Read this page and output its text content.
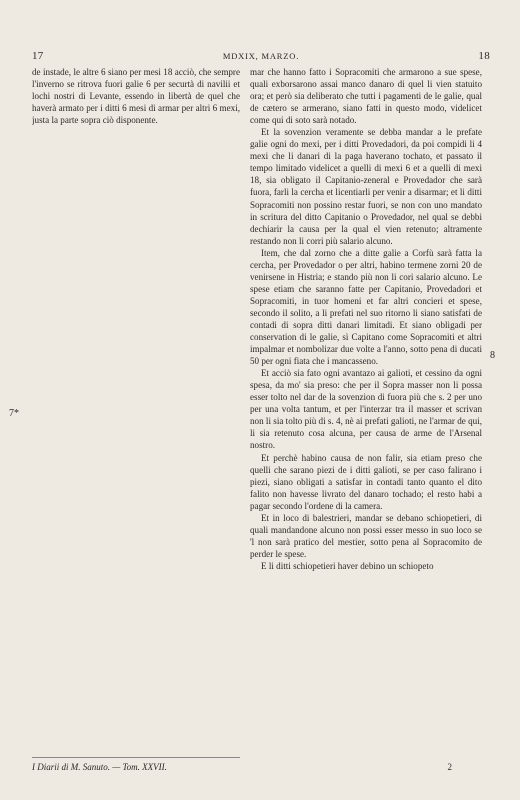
17	MDXIX, MARZO.	18

de instade, le altre 6 siano per mesi 18 acciò, che sempre l'inverno se ritrova fuori galie 6 per securtà di navilii et lochi nostri di Levante, essendo in libertà de quel che haverà armato per i ditti 6 mesi di armar per altri 6 mexi, justa la parte sopra ciò disponente.

mar che hanno fatto i Sopracomiti che armarono a sue spese, quali exborsarono assai manco danaro di quel li vien statuito ora; et però sia deliberato che tutti i pagamenti de le galie, qual de cætero se armerano, siano fatti in questo modo, videlicet come qui di soto sarà notado.

Et la sovenzion veramente se debba mandar a le prefate galie ogni do mexi, per i ditti Provedadori, da poi compidi li 4 mexi che li danari di la paga haverano tochato, et passato il tempo limitado videlicet a quelli di mexi 6 et a quelli di mexi 18, sia obligato il Capitanio-zeneral e Provedador che sarà fuora, farli la cercha et licentiarli per venir a disarmar; et li ditti Sopracomiti non possino restar fuori, se non con uno mandato in scritura del ditto Capitanio o Provedador, nel qual se debbi dechiarir la causa per la qual el vien retenuto; altramente restando non li corri più salario alcuno.

Item, che dal zorno che a ditte galie a Corfù sarà fatta la cercha, per Provedador o per altri, habino termene zorni 20 de venirsene in Histria; e stando più non li cori salario alcuno. Le spese etiam che saranno fatte per Capitanio, Provedadori et Sopracomiti, in tuor homeni et far altri concieri et spese, secondo il solito, a li prefati nel suo ritorno li siano satisfati de contadi di sopra ditti danari limitadi. Et siano obligadi per conservation di le galie, sì Capitano come Sopracomiti et altri impalmar et nombolizar due volte a l'anno, sotto pena di ducati 50 per ogni fiata che i mancasseno.

Et acciò sia fato ogni avantazo ai galioti, et cessino da ogni spesa, da mo' sia preso: che per il Sopra masser non li possa esser tolto nel dar de la sovenzion di fuora più che s. 2 per uno per una volta tantum, et per l'interzar tra il masser et scrivan non li sia tolto più di s. 4, nè ai prefati galioti, ne l'armar de qui, li sia retenuto cosa alcuna, per causa de arme de l'Arsenal nostro.

Et perchè habino causa de non falir, sia etiam preso che quelli che sarano piezi de i ditti galioti, se per caso falirano i piezi, siano obligati a satisfar in contadi tanto quanto el dito falito non havesse livrato del danaro tochado; el resto habi a pagar secondo l'ordene di la camera.

Et in loco di balestrieri, mandar se debano schiopetieri, di quali mandandone alcuno non possi esser messo in suo loco se 'l non sarà pratico del mestier, sotto pena al Sopracomito de perder le spese.

E li ditti schiopetieri haver debino un schiopeto

7*
8
I Diarii di M. Sanuto. — Tom. XXVII.	2
